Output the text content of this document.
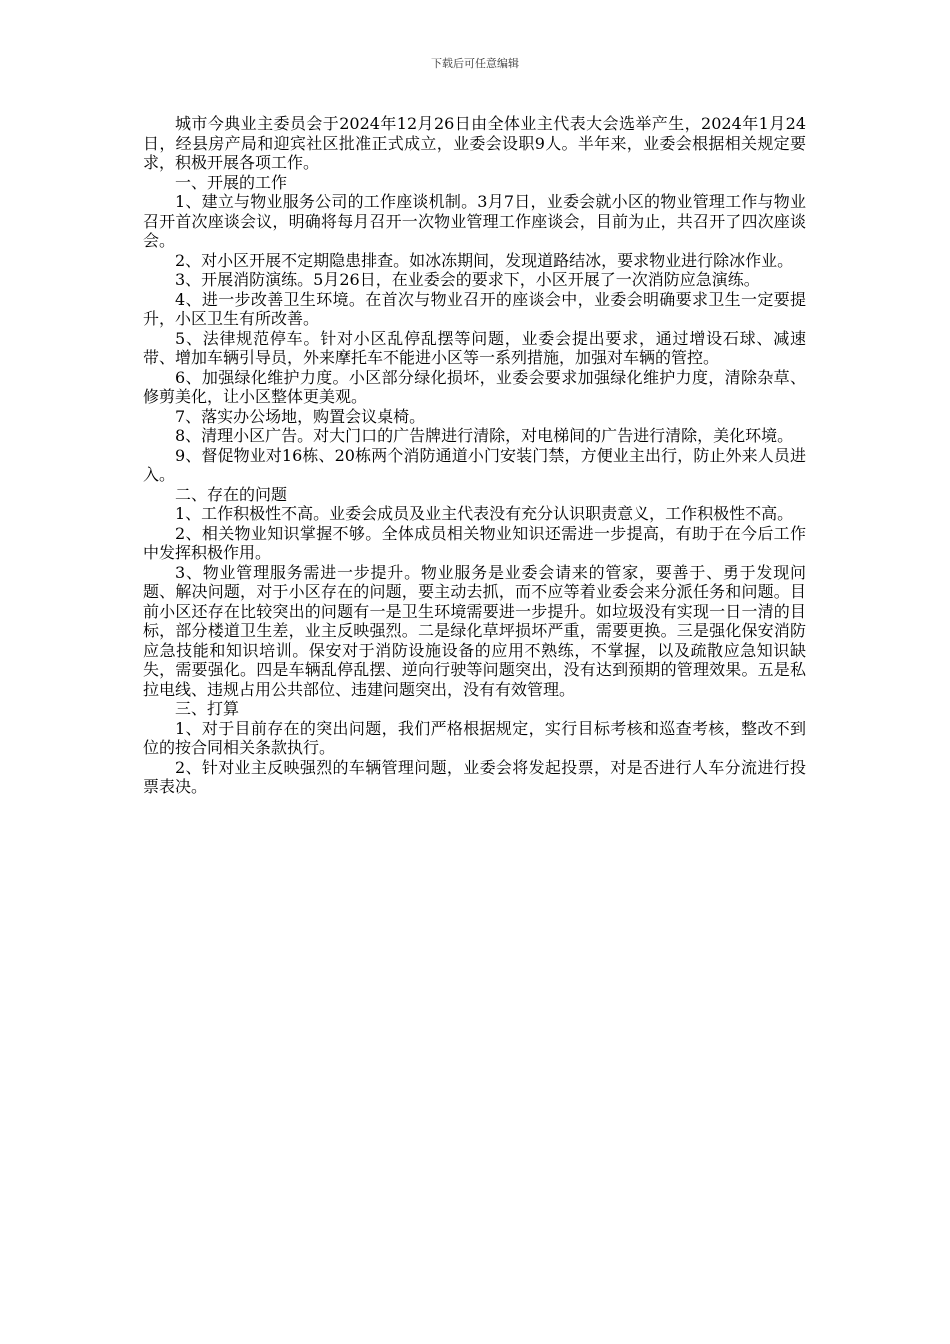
下载后可任意编辑

城市今典业主委员会于2024年12月26日由全体业主代表大会选举产生，2024年1月24日，经县房产局和迎宾社区批准正式成立，业委会设职9人。半年来，业委会根据相关规定要求，积极开展各项工作。

一、开展的工作

1、建立与物业服务公司的工作座谈机制。3月7日，业委会就小区的物业管理工作与物业召开首次座谈会议，明确将每月召开一次物业管理工作座谈会，目前为止，共召开了四次座谈会。

2、对小区开展不定期隐患排查。如冰冻期间，发现道路结冰，要求物业进行除冰作业。

3、开展消防演练。5月26日，在业委会的要求下，小区开展了一次消防应急演练。

4、进一步改善卫生环境。在首次与物业召开的座谈会中，业委会明确要求卫生一定要提升，小区卫生有所改善。

5、法律规范停车。针对小区乱停乱摆等问题，业委会提出要求，通过增设石球、减速带、增加车辆引导员，外来摩托车不能进小区等一系列措施，加强对车辆的管控。

6、加强绿化维护力度。小区部分绿化损坏，业委会要求加强绿化维护力度，清除杂草、修剪美化，让小区整体更美观。

7、落实办公场地，购置会议桌椅。

8、清理小区广告。对大门口的广告牌进行清除，对电梯间的广告进行清除，美化环境。

9、督促物业对16栋、20栋两个消防通道小门安装门禁，方便业主出行，防止外来人员进入。

二、存在的问题

1、工作积极性不高。业委会成员及业主代表没有充分认识职责意义，工作积极性不高。

2、相关物业知识掌握不够。全体成员相关物业知识还需进一步提高，有助于在今后工作中发挥积极作用。

3、物业管理服务需进一步提升。物业服务是业委会请来的管家，要善于、勇于发现问题、解决问题，对于小区存在的问题，要主动去抓，而不应等着业委会来分派任务和问题。目前小区还存在比较突出的问题有一是卫生环境需要进一步提升。如垃圾没有实现一日一清的目标，部分楼道卫生差，业主反映强烈。二是绿化草坪损坏严重，需要更换。三是强化保安消防应急技能和知识培训。保安对于消防设施设备的应用不熟练，不掌握，以及疏散应急知识缺失，需要强化。四是车辆乱停乱摆、逆向行驶等问题突出，没有达到预期的管理效果。五是私拉电线、违规占用公共部位、违建问题突出，没有有效管理。

三、打算

1、对于目前存在的突出问题，我们严格根据规定，实行目标考核和巡查考核，整改不到位的按合同相关条款执行。

2、针对业主反映强烈的车辆管理问题，业委会将发起投票，对是否进行人车分流进行投票表决。
